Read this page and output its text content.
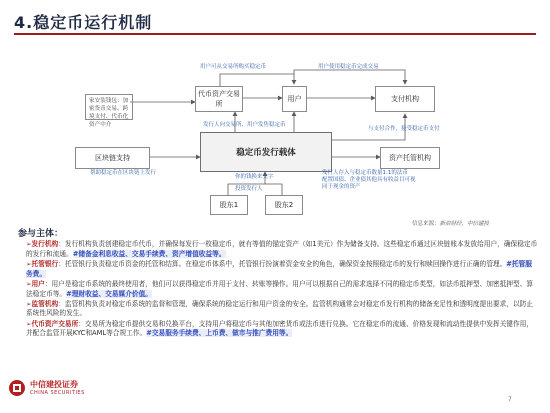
4.稳定币运行机制
家安装钱包：加密货币交易、跨境支付、代币化资产中介
代币资产交易所
用户	支付机构
稳定币发行载体
区块链支持	资产托管机构
股东1	股东2
用户可从交易所购买稳定币	用户使用稳定币完成交易
发行人向交易所、用户发售稳定币
与支付合作，接受稳定币支付
帮助稳定币在区块链上发行	发行人存入与稳定币数量1:1的法币
配置国债、企业债其他具有收益目可视
同于现金的资产
你的钱换来文字
投资发行人
信息来源：新浪财经，中信建投
参与主体：

➢发行机构：发行机构负责创建稳定币代币，并确保每发行一枚稳定币，就有等值的锚定资产（如1美元）作为储备支持。这些稳定币通过区块链账本发放给用户，确保稳定币的发行和流通。#储备金利息收益、交易手续费、资产增值收益等。

➢托管银行：托管银行负责稳定币资金的托管和结算。在稳定币体系中，托管银行扮演着资金安全的角色，确保资金按照稳定币的发行和赎回操作进行正确的管理。#托管服务费。

➢用户：用户是稳定币系统的最终使用者，他们可以获得稳定币并用于支付、转账等操作。用户可以根据自己的需求选择不同的稳定币类型，如法币抵押型、加密抵押型、算法稳定币等。#理财收益、交易媒介价值。

➢监管机构：监管机构负责对稳定币系统的监督和管理，确保系统的稳定运行和用户资金的安全。监管机构通常会对稳定币发行机构的储备充足性和透明度提出要求，以防止系统性风险的发生。

➢代币资产交易所：交易所为稳定币提供交易和兑换平台，支持用户将稳定币与其他加密货币或法币进行兑换。它在稳定币的流通、价格发现和流动性提供中发挥关键作用，并配合监管开展KYC和AML等合规工作。#交易服务手续费、上币费、做市与推广费用等。

中信建投证券
CHINA SECURITIES
7
